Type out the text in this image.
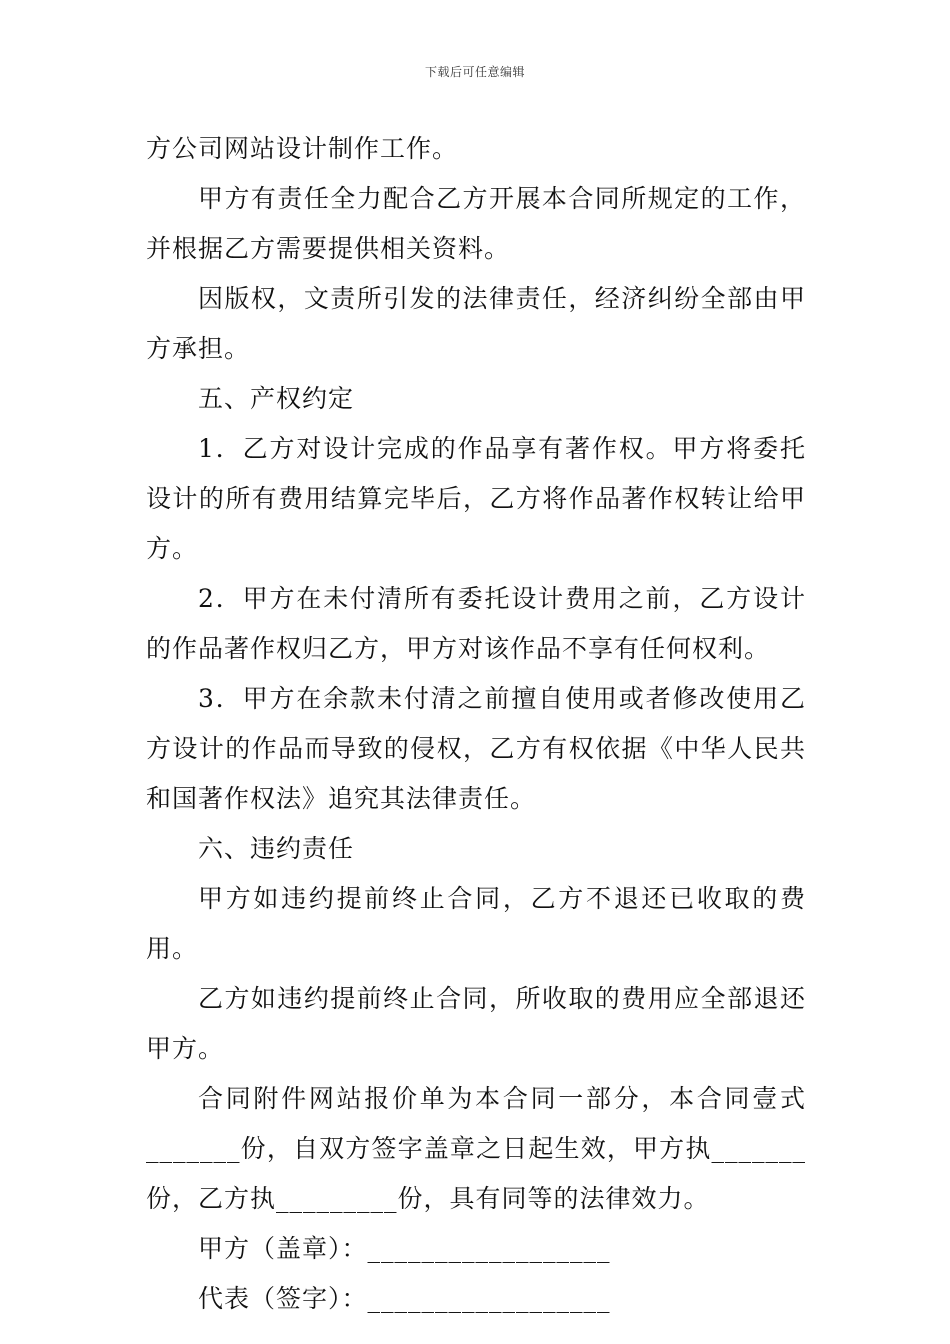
下载后可任意编辑

方公司网站设计制作工作。

甲方有责任全力配合乙方开展本合同所规定的工作，并根据乙方需要提供相关资料。

因版权，文责所引发的法律责任，经济纠纷全部由甲方承担。

五、产权约定

1．乙方对设计完成的作品享有著作权。甲方将委托设计的所有费用结算完毕后，乙方将作品著作权转让给甲方。

2．甲方在未付清所有委托设计费用之前，乙方设计的作品著作权归乙方，甲方对该作品不享有任何权利。

3．甲方在余款未付清之前擅自使用或者修改使用乙方设计的作品而导致的侵权，乙方有权依据《中华人民共和国著作权法》追究其法律责任。

六、违约责任

甲方如违约提前终止合同，乙方不退还已收取的费用。

乙方如违约提前终止合同，所收取的费用应全部退还甲方。

合同附件网站报价单为本合同一部分，本合同壹式_______份，自双方签字盖章之日起生效，甲方执_______份，乙方执_________份，具有同等的法律效力。

甲方（盖章）：__________________

代表（签字）：__________________
